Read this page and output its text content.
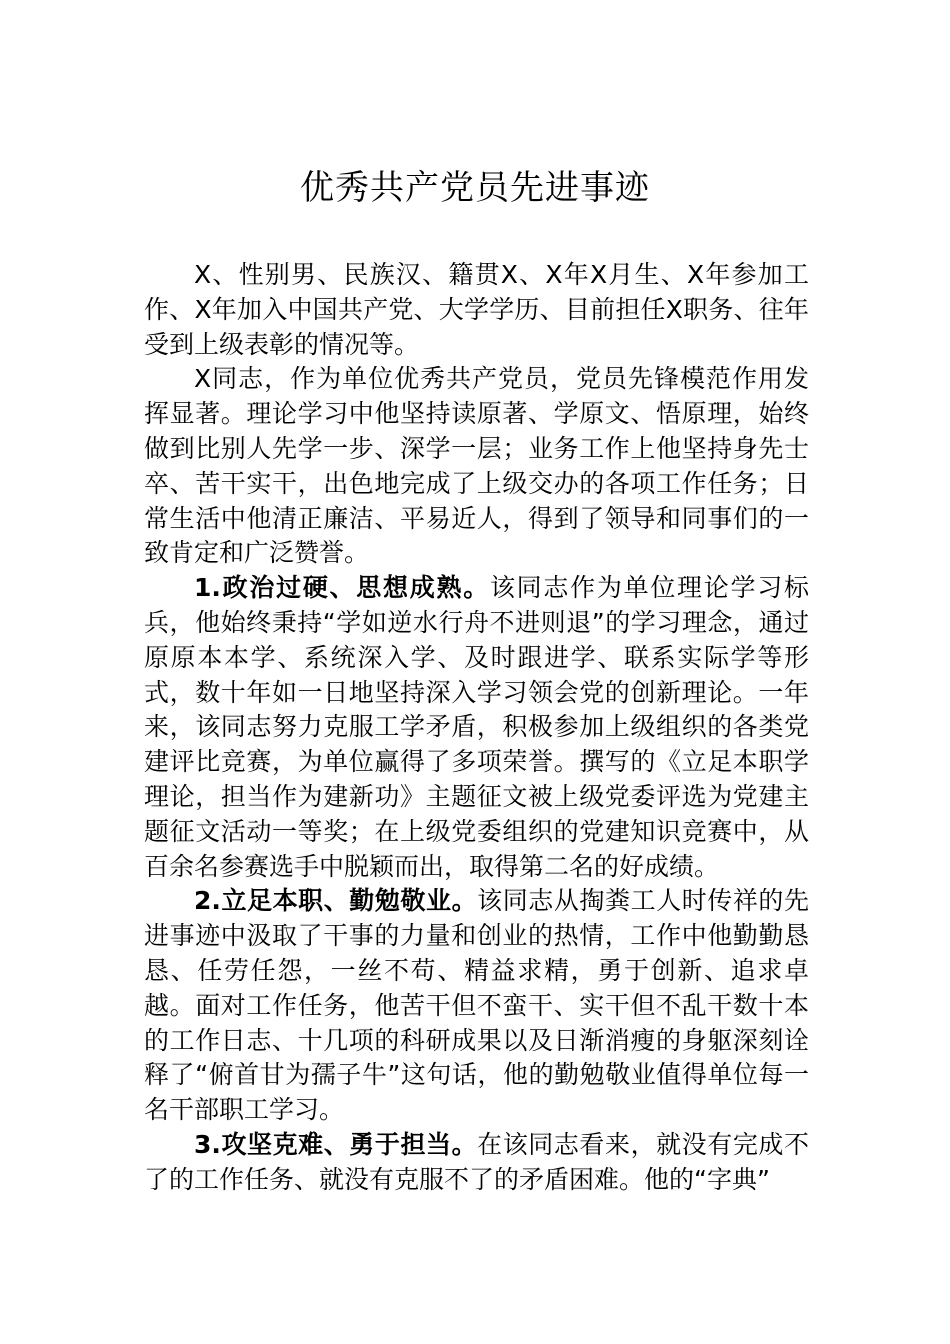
优秀共产党员先进事迹

X、性别男、民族汉、籍贯X、X年X月生、X年参加工作、X年加入中国共产党、大学学历、目前担任X职务、往年受到上级表彰的情况等。

X同志，作为单位优秀共产党员，党员先锋模范作用发挥显著。理论学习中他坚持读原著、学原文、悟原理，始终做到比别人先学一步、深学一层；业务工作上他坚持身先士卒、苦干实干，出色地完成了上级交办的各项工作任务；日常生活中他清正廉洁、平易近人，得到了领导和同事们的一致肯定和广泛赞誉。

1.政治过硬、思想成熟。该同志作为单位理论学习标兵，他始终秉持“学如逆水行舟不进则退”的学习理念，通过原原本本学、系统深入学、及时跟进学、联系实际学等形式，数十年如一日地坚持深入学习领会党的创新理论。一年来，该同志努力克服工学矛盾，积极参加上级组织的各类党建评比竞赛，为单位赢得了多项荣誉。撰写的《立足本职学理论，担当作为建新功》主题征文被上级党委评选为党建主题征文活动一等奖；在上级党委组织的党建知识竞赛中，从百余名参赛选手中脱颖而出，取得第二名的好成绩。

2.立足本职、勤勉敬业。该同志从掏粪工人时传祥的先进事迹中汲取了干事的力量和创业的热情，工作中他勤勤恳恳、任劳任怨，一丝不苟、精益求精，勇于创新、追求卓越。面对工作任务，他苦干但不蛮干、实干但不乱干数十本的工作日志、十几项的科研成果以及日渐消瘦的身躯深刻诠释了“俯首甘为孺子牛”这句话，他的勤勉敬业值得单位每一名干部职工学习。

3.攻坚克难、勇于担当。在该同志看来，就没有完成不了的工作任务、就没有克服不了的矛盾困难。他的“字典”
